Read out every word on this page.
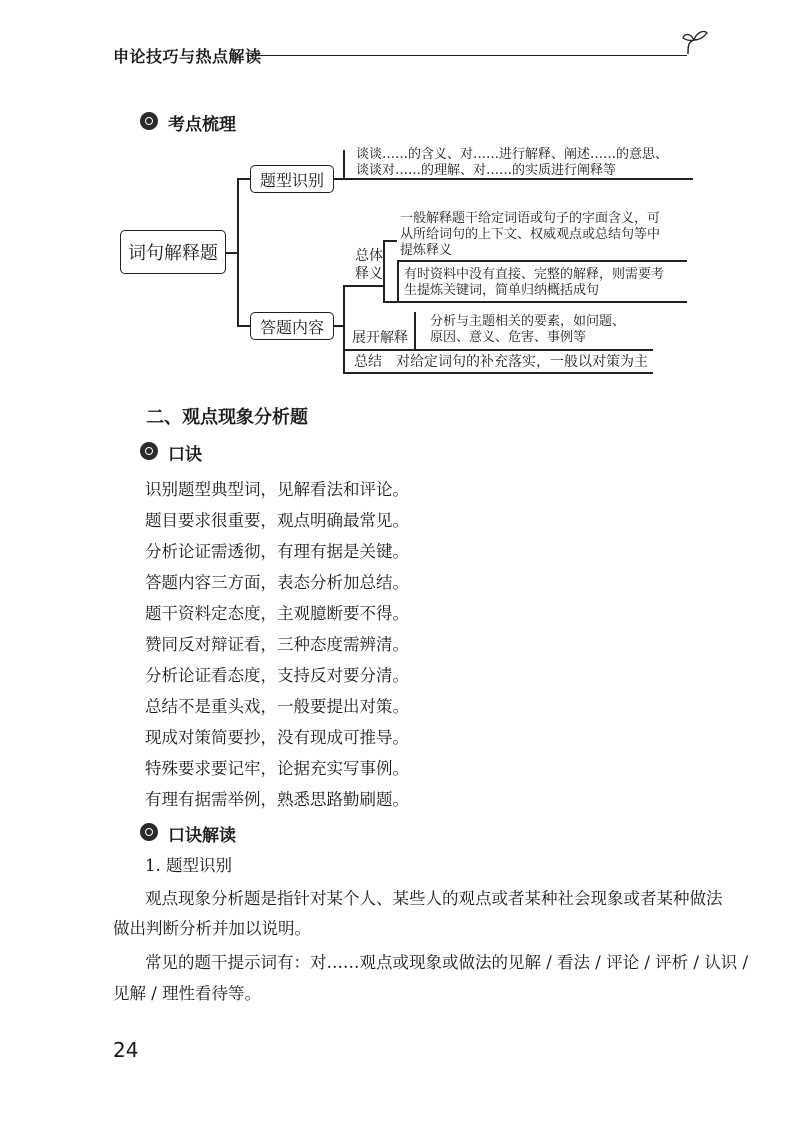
申论技巧与热点解读
考点梳理
词句解释题
题型识别
谈谈……的含义、对……进行解释、阐述……的意思、
谈谈对……的理解、对……的实质进行阐释等
答题内容
总体
释义
一般解释题干给定词语或句子的字面含义，可
从所给词句的上下文、权威观点或总结句等中
提炼释义
有时资料中没有直接、完整的解释，则需要考
生提炼关键词，简单归纳概括成句
展开解释
分析与主题相关的要素，如问题、
原因、意义、危害、事例等
总结 对给定词句的补充落实，一般以对策为主
二、观点现象分析题
口诀
识别题型典型词，见解看法和评论。
题目要求很重要，观点明确最常见。
分析论证需透彻，有理有据是关键。
答题内容三方面，表态分析加总结。
题干资料定态度，主观臆断要不得。
赞同反对辩证看，三种态度需辨清。
分析论证看态度，支持反对要分清。
总结不是重头戏，一般要提出对策。
现成对策简要抄，没有现成可推导。
特殊要求要记牢，论据充实写事例。
有理有据需举例，熟悉思路勤刷题。
口诀解读
1. 题型识别
观点现象分析题是指针对某个人、某些人的观点或者某种社会现象或者某种做法
做出判断分析并加以说明。
常见的题干提示词有：对……观点或现象或做法的见解 / 看法 / 评论 / 评析 / 认识 /
见解 / 理性看待等。
24
